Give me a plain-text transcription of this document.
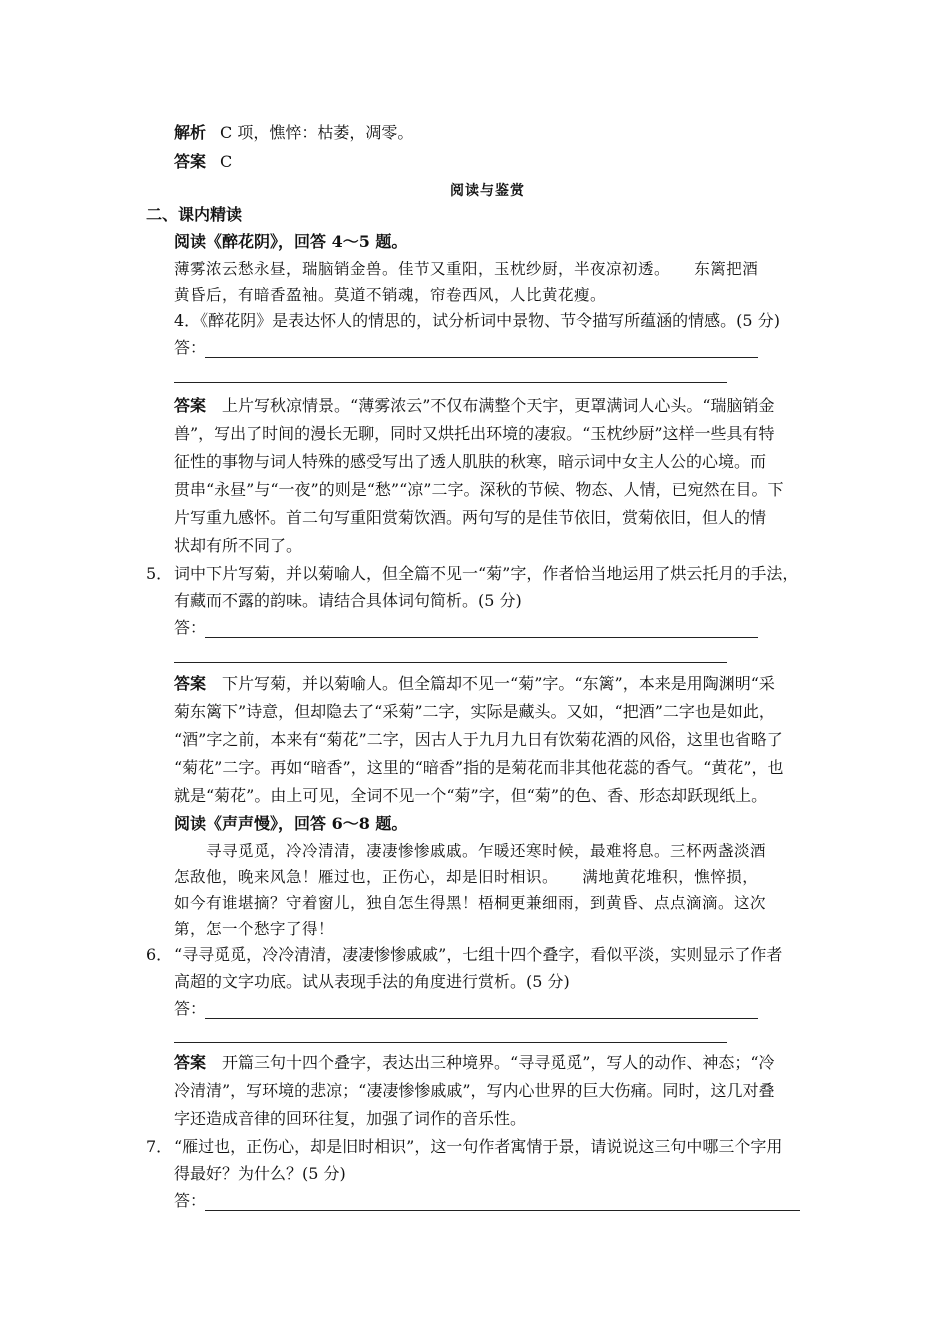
解析 C 项，憔悴：枯萎，凋零。
答案 C
阅读与鉴赏
二、课内精读
阅读《醉花阴》，回答 4～5 题。
薄雾浓云愁永昼，瑞脑销金兽。佳节又重阳，玉枕纱厨，半夜凉初透。　　东篱把酒
黄昏后，有暗香盈袖。莫道不销魂，帘卷西风，人比黄花瘦。
4．《醉花阴》是表达怀人的情思的，试分析词中景物、节令描写所蕴涵的情感。(5 分)
答：
答案 上片写秋凉情景。“薄雾浓云”不仅布满整个天宇，更罩满词人心头。“瑞脑销金
兽”，写出了时间的漫长无聊，同时又烘托出环境的凄寂。“玉枕纱厨”这样一些具有特
征性的事物与词人特殊的感受写出了透人肌肤的秋寒，暗示词中女主人公的心境。而
贯串“永昼”与“一夜”的则是“愁”“凉”二字。深秋的节候、物态、人情，已宛然在目。下
片写重九感怀。首二句写重阳赏菊饮酒。两句写的是佳节依旧，赏菊依旧，但人的情
状却有所不同了。
5． 词中下片写菊，并以菊喻人，但全篇不见一“菊”字，作者恰当地运用了烘云托月的手法，
有藏而不露的韵味。请结合具体词句简析。(5 分)
答：
答案 下片写菊，并以菊喻人。但全篇却不见一“菊”字。“东篱”，本来是用陶渊明“采
菊东篱下”诗意，但却隐去了“采菊”二字，实际是藏头。又如，“把酒”二字也是如此，
“酒”字之前，本来有“菊花”二字，因古人于九月九日有饮菊花酒的风俗，这里也省略了
“菊花”二字。再如“暗香”，这里的“暗香”指的是菊花而非其他花蕊的香气。“黄花”，也
就是“菊花”。由上可见，全词不见一个“菊”字，但“菊”的色、香、形态却跃现纸上。
阅读《声声慢》，回答 6～8 题。
寻寻觅觅，冷冷清清，凄凄惨惨戚戚。乍暖还寒时候，最难将息。三杯两盏淡酒
怎敌他，晚来风急！雁过也，正伤心，却是旧时相识。　　满地黄花堆积，憔悴损，
如今有谁堪摘？守着窗儿，独自怎生得黑！梧桐更兼细雨，到黄昏、点点滴滴。这次
第，怎一个愁字了得！
6． “寻寻觅觅，冷冷清清，凄凄惨惨戚戚”，七组十四个叠字，看似平淡，实则显示了作者
高超的文字功底。试从表现手法的角度进行赏析。(5 分)
答：
答案 开篇三句十四个叠字，表达出三种境界。“寻寻觅觅”，写人的动作、神态；“冷
冷清清”，写环境的悲凉；“凄凄惨惨戚戚”，写内心世界的巨大伤痛。同时，这几对叠
字还造成音律的回环往复，加强了词作的音乐性。
7． “雁过也，正伤心，却是旧时相识”，这一句作者寓情于景，请说说这三句中哪三个字用
得最好？为什么？(5 分)
答：
